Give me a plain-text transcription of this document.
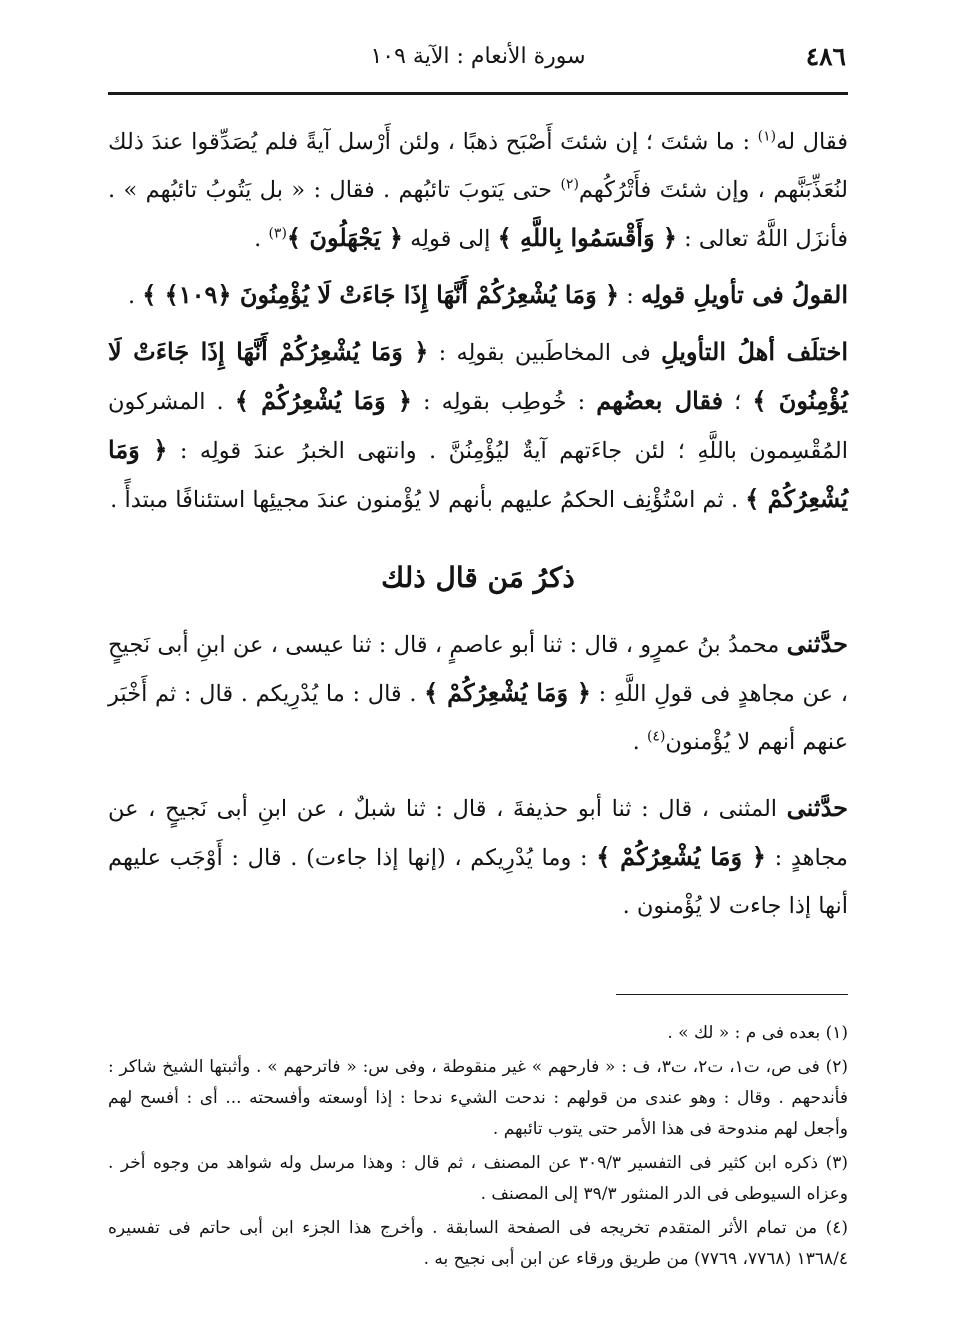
٤٨٦
سورة الأنعام : الآية ١٠٩

فقال له$^{(١)}$ : ما شئتَ ؛ إن شئتَ أَصْبَح ذهبًا ، ولئن أَرْسل آيةً فلم يُصَدِّقوا عندَ ذلك لنُعَذِّبَنَّهم ، وإن شئتَ فأَتْرُكُهم$^{(٢)}$ حتى يَتوبَ تائبُهم . فقال : « بل يَتُوبُ تائبُهم » . فأنزَل اللَّهُ تعالى : ﴿ وَأَقْسَمُوا بِاللَّهِ ﴾ إلى قولِه ﴿ يَجْهَلُونَ ﴾$^{(٣)}$ .

القولُ فى تأويلِ قولِه : ﴿ وَمَا يُشْعِرُكُمْ أَنَّهَا إِذَا جَاءَتْ لَا يُؤْمِنُونَ ﴿١٠٩﴾ ﴾ .

اختلَف أهلُ التأويلِ فى المخاطَبين بقولِه : ﴿ وَمَا يُشْعِرُكُمْ أَنَّهَا إِذَا جَاءَتْ لَا يُؤْمِنُونَ ﴾ ؛ فقال بعضُهم : خُوطِب بقولِه : ﴿ وَمَا يُشْعِرُكُمْ ﴾ . المشركون المُقْسِمون باللَّهِ ؛ لئن جاءَتهم آيةٌ ليُؤْمِنُنَّ . وانتهى الخبرُ عندَ قولِه : ﴿ وَمَا يُشْعِرُكُمْ ﴾ . ثم اسْتُؤْنِف الحكمُ عليهم بأنهم لا يُؤْمنون عندَ مجيئِها استئنافًا مبتدأً .

ذكرُ مَن قال ذلك

حدَّثنى محمدُ بنُ عمرٍو ، قال : ثنا أبو عاصمٍ ، قال : ثنا عيسى ، عن ابنِ أبى نَجيحٍ ، عن مجاهدٍ فى قولِ اللَّهِ : ﴿ وَمَا يُشْعِرُكُمْ ﴾ . قال : ما يُدْرِيكم . قال : ثم أَخْبَر عنهم أنهم لا يُؤْمنون$^{(٤)}$ .

حدَّثنى المثنى ، قال : ثنا أبو حذيفةَ ، قال : ثنا شبلٌ ، عن ابنِ أبى نَجيحٍ ، عن مجاهدٍ : ﴿ وَمَا يُشْعِرُكُمْ ﴾ : وما يُدْرِيكم ، (إنها إذا جاءت) . قال : أَوْجَب عليهم أنها إذا جاءت لا يُؤْمنون .

(١) بعده فى م : « لك » .

(٢) فى ص، ت١، ت٢، ت٣، ف : « فارحهم » غير منقوطة ، وفى س: « فاترحهم » . وأثبتها الشيخ شاكر : فأندحهم . وقال : وهو عندى من قولهم : ندحت الشيء ندحا : إذا أوسعته وأفسحته ... أى : أفسح لهم وأجعل لهم مندوحة فى هذا الأمر حتى يتوب تائبهم .

(٣) ذكره ابن كثير فى التفسير ٣٠٩/٣ عن المصنف ، ثم قال : وهذا مرسل وله شواهد من وجوه أخر . وعزاه السيوطى فى الدر المنثور ٣٩/٣ إلى المصنف .

(٤) من تمام الأثر المتقدم تخريجه فى الصفحة السابقة . وأخرج هذا الجزء ابن أبى حاتم فى تفسيره ١٣٦٨/٤ (٧٧٦٨، ٧٧٦٩) من طريق ورقاء عن ابن أبى نجيح به .
